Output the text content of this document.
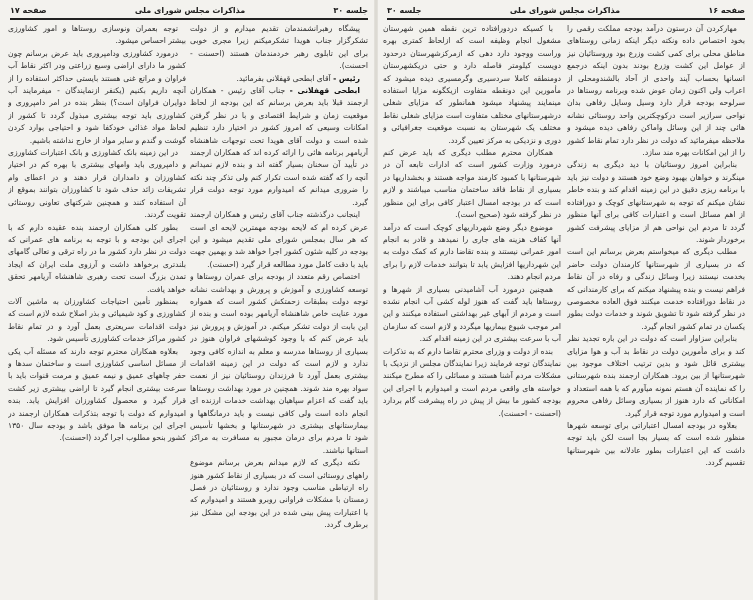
صفحه ۱۷	مذاکرات مجلس شورای ملی	جلسه ۳۰

پیشگاه رهبرانشمندمان تقدیم میدارم و از دولت تشکرگزار جناب هویدا تشکرمیکنم زیرا مجری خوبی برای این تابلوی رهبر خردمندمان هستند (احسنت - احسنت).

رئیس - آقای ابطحی قهفلانی بفرمائید.

ابطحی قهفلانی - جناب آقای رئیس - همکاران ارجمند قبلا باید بعرض برسانم که این بودجه از لحاظ موقعیت زمان و شرایط اقتصادی و با در نظر گرفتن امکانات وسیعی که امروز کشور در اختیار دارد تنظیم شده است و دولت آقای هویدا تحت توجهات شاهنشاه آریامهر برنامه هائی را ارائه کرده اند که همکاران ارجمند در تأیید آن سخنان بسیار گفته اند و بنده لازم نمیدانم آنچه را که گفته شده است تکرار کنم ولی تذکر چند نکته را ضروری میدانم که امیدوارم مورد توجه دولت قرار گیرد.

اینجانب درگذشته جناب آقای رئیس و همکاران ارجمند عرض کرده ام که لایحه بودجه مهمترین لایحه ای است که هر سال بمجلس شورای ملی تقدیم میشود و این بودجه در کلیه شئون کشور اجرا خواهد شد و بهمین جهت باید با دقت کامل مورد مطالعه قرار گیرد (احسنت).

اختصاص رقم متعدد از بودجه برای عمران روستاها و توسعه کشاورزی و آموزش و پرورش و بهداشت نشانه توجه دولت بطبقات زحمتکش کشور است که همواره مورد عنایت خاص شاهنشاه آریامهر بوده است و بنده از این بابت از دولت تشکر میکنم. در آموزش و پرورش نیز باید عرض کنم که با وجود کوششهای فراوان هنوز در بسیاری از روستاها مدرسه و معلم به اندازه کافی وجود ندارد و لازم است که دولت در این زمینه اقدامات بیشتری بعمل آورد تا فرزندان روستائیان نیز از نعمت سواد بهره مند شوند. همچنین در مورد بهداشت روستاها باید گفت که اعزام سپاهیان بهداشت خدمات ارزنده ای انجام داده است ولی کافی نیست و باید درمانگاهها و بیمارستانهای بیشتری در شهرستانها و بخشها تأسیس شود تا مردم برای درمان مجبور به مسافرت به مراکز استانها نباشند.

نکته دیگری که لازم میدانم بعرض برسانم موضوع راههای روستائی است که در بسیاری از نقاط کشور هنوز راه ارتباطی مناسب وجود ندارد و روستائیان در فصل زمستان با مشکلات فراوانی روبرو هستند و امیدوارم که با اعتبارات پیش بینی شده در این بودجه این مشکل نیز برطرف گردد.

توجه بعمران ونوسازی روستاها و امور کشاورزی بیشتر احساس میشود.

درمورد کشاورزی ودامپروری باید عرض برسانم چون کشور ما دارای اراضی وسیع زراعتی ودر اکثر نقاط آب فراوان و مراتع غنی هستند بایستی حداکثر استفاده را از آنچه داریم بکنیم (یکنفر ازنمایندگان - میفرمایند آب دوایران فراوان است؟) بنظر بنده در امر دامپروری و کشاورزی باید توجه بیشتری مبذول گردد تا کشور از لحاظ مواد غذائی خودکفا شود و احتیاجی بوارد کردن گوشت و گندم و سایر مواد از خارج نداشته باشیم.

در این زمینه بانک کشاورزی و بانک اعتبارات کشاورزی و دامپروری باید وامهای بیشتری با بهره کم در اختیار کشاورزان و دامداران قرار دهند و در اعطای وام تشریفات زائد حذف شود تا کشاورزان بتوانند بموقع از آن استفاده کنند و همچنین شرکتهای تعاونی روستائی تقویت گردند.

بطور کلی همکاران ارجمند بنده عقیده دارم که با اجرای این بودجه و با توجه به برنامه های عمرانی که دولت در نظر دارد کشور ما در راه ترقی و تعالی گامهای بلندتری برخواهد داشت و آرزوی ملت ایران که ایجاد تمدن بزرگ است تحت رهبری شاهنشاه آریامهر تحقق خواهد یافت.

بمنظور تأمین احتیاجات کشاورزان به ماشین آلات کشاورزی و کود شیمیائی و بذر اصلاح شده لازم است که دولت اقدامات سریعتری بعمل آورد و در تمام نقاط کشور مراکز خدمات کشاورزی تأسیس شود.

بعلاوه همکاران محترم توجه دارند که مسئله آب یکی از مسائل اساسی کشاورزی است و ساختمان سدها و حفر چاههای عمیق و نیمه عمیق و مرمت قنوات باید با سرعت بیشتری انجام گیرد تا اراضی بیشتری زیر کشت قرار گیرد و محصول کشاورزان افزایش یابد. بنده امیدوارم که دولت با توجه بتذکرات همکاران ارجمند در اجرای این برنامه ها موفق باشد و بودجه سال ۱۳۵۰ کشور بنحو مطلوب اجرا گردد (احسنت).

جلسه ۳۰	مذاکرات مجلس شورای ملی	صفحه ۱۶

مهارکردن آن درستون درآمد بودجه مملکت رقمی را بخود اختصاص داده ونکته دیگر اینکه زمانی روستاهای مناطق محلی برای کمی کشت وزرع بود وروستائیان نیز از عوامل این کشت وزرع بودند بدون اینکه درجمع انسانها بحساب آیند واحدی از آحاد بالشندومحلی از اعراب ولی اکنون زمان عوض شده وبرنامه روستاها در سرلوحه بودجه قرار دارد وسیل وسایل رفاهی بدان نواحی سرازیر است درکوچکترین واحد روستائی نشانه هائی چند از این وسائل واماکن رفاهی دیده میشود و ملاحظه میفرمائید که دولت در نظر دارد تمام نقاط کشور را از این امکانات بهره مند سازد.

بنابراین امروز روستائیان با دید دیگری به زندگی مینگرند و خواهان بهبود وضع خود هستند و دولت نیز باید با برنامه ریزی دقیق در این زمینه اقدام کند و بنده خاطر نشان میکنم که توجه به شهرستانهای کوچک و دورافتاده از اهم مسائل است و اعتبارات کافی برای آنها منظور گردد تا مردم این نواحی هم از مزایای پیشرفت کشور برخوردار شوند.

مطلب دیگری که میخواستم بعرض برسانم این است که در بسیاری از شهرستانها کارمندان دولت حاضر بخدمت نیستند زیرا وسائل زندگی و رفاه در آن نقاط فراهم نیست و بنده پیشنهاد میکنم که برای کارمندانی که در نقاط دورافتاده خدمت میکنند فوق العاده مخصوصی در نظر گرفته شود تا تشویق شوند و خدمات دولت بطور یکسان در تمام کشور انجام گیرد.

بنابراین سزاوار است که دولت در این باره تجدید نظر کند و برای مأمورین دولت در نقاط بد آب و هوا مزایای بیشتری قائل شود و بدین ترتیب اختلاف موجود بین شهرستانها از بین برود. همکاران ارجمند بنده شهرستانی را که نماینده آن هستم نمونه میآورم که با همه استعداد و امکاناتی که دارد هنوز از بسیاری وسائل رفاهی محروم است و امیدوارم مورد توجه قرار گیرد.

بعلاوه در بودجه امسال اعتباراتی برای توسعه شهرها منظور شده است که بسیار بجا است لکن باید توجه داشت که این اعتبارات بطور عادلانه بین شهرستانها تقسیم گردد.

با کسیکه دردورافتاده ترین نقطه همین شهرستان مشغول انجام وظیفه است که ازلحاظ کمتری بهره وراست ووجود دارد دهی که ازمرکزشهرستان درحدود دویست کیلومتر فاصله دارد و حتی دریکشهرستان دومنطقه کاملا سردسیری وگرمسیری دیده میشود که مأمورین این دونقطه متفاوت ازیکگونه مزایا استفاده مینمایند پیشنهاد میشود همانطور که مزایای شغلی درشهرستانهای مختلف متفاوت است مزایای شغلی نقاط مختلف یک شهرستان به نسبت موقعیت جغرافیائی و دوری و نزدیکی به مرکز تعیین گردد.

همکاران محترم مطلب دیگری که باید عرض کنم درمورد وزارت کشور است که ادارات تابعه آن در شهرستانها با کمبود کارمند مواجه هستند و بخشداریها در بسیاری از نقاط فاقد ساختمان مناسب میباشند و لازم است که در بودجه امسال اعتبار کافی برای این منظور در نظر گرفته شود (صحیح است).

موضوع دیگر وضع شهرداریهای کوچک است که درآمد آنها کفاف هزینه های جاری را نمیدهد و قادر به انجام امور عمرانی نیستند و بنده تقاضا دارم که کمک دولت به این شهرداریها افزایش یابد تا بتوانند خدمات لازم را برای مردم انجام دهند.

همچنین درمورد آب آشامیدنی بسیاری از شهرها و روستاها باید گفت که هنوز لوله کشی آب انجام نشده است و مردم از آبهای غیر بهداشتی استفاده میکنند و این امر موجب شیوع بیماریها میگردد و لازم است که سازمان آب با سرعت بیشتری در این زمینه اقدام کند.

بنده از دولت و وزرای محترم تقاضا دارم که به تذکرات نمایندگان توجه فرمایند زیرا نمایندگان مجلس از نزدیک با مشکلات مردم آشنا هستند و مسائلی را که مطرح میکنند خواسته های واقعی مردم است و امیدوارم با اجرای این بودجه کشور ما بیش از پیش در راه پیشرفت گام بردارد (احسنت - احسنت).
